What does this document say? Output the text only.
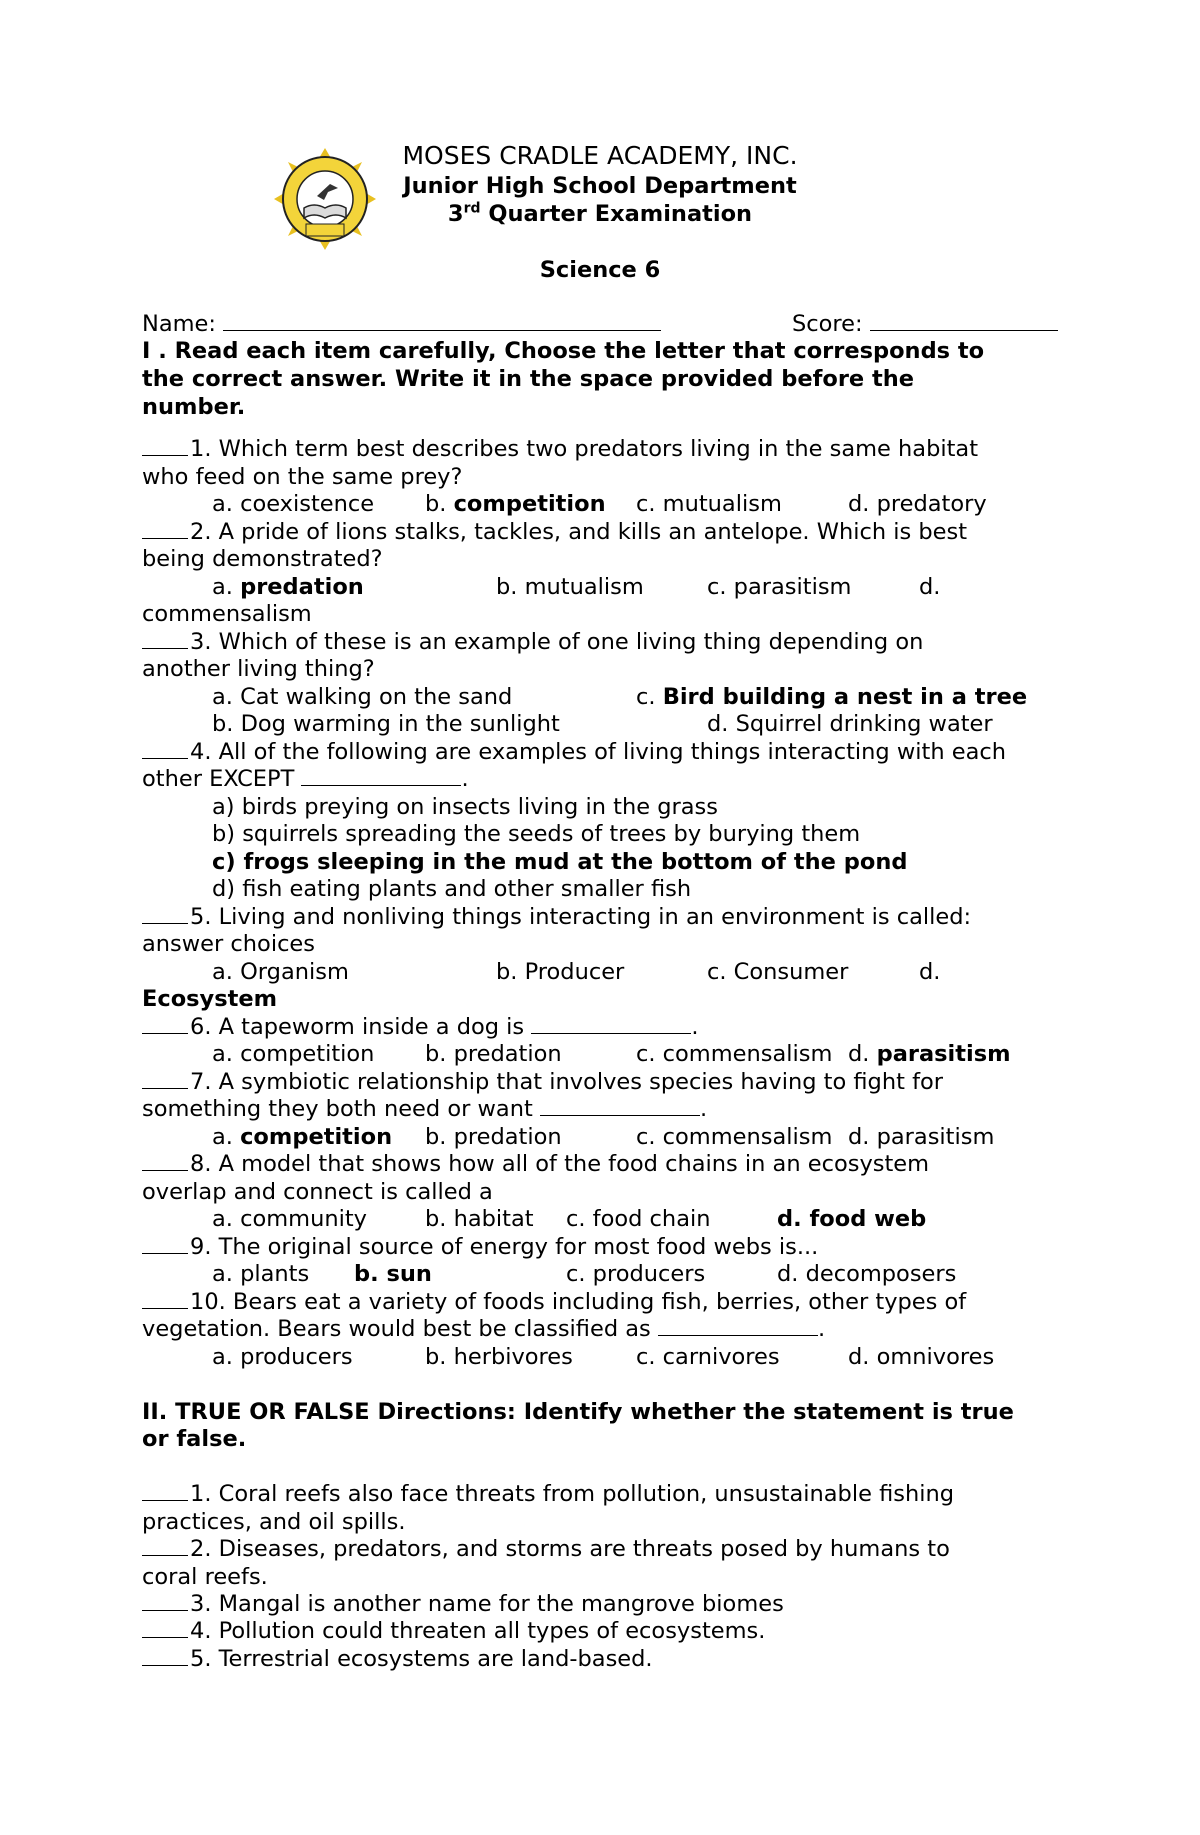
MOSES CRADLE ACADEMY, INC.
Junior High School Department
3rd Quarter Examination
Science 6
Name:	Score:
I . Read each item carefully, Choose the letter that corresponds to
the correct answer. Write it in the space provided before the
number.
1. Which term best describes two predators living in the same habitat
who feed on the same prey?
a. coexistence b. competition c. mutualism	d. predatory
2. A pride of lions stalks, tackles, and kills an antelope. Which is best
being demonstrated?
a. predation	b. mutualism	c. parasitism	d.
commensalism
3. Which of these is an example of one living thing depending on
another living thing?
a. Cat walking on the sand	c. Bird building a nest in a tree
b. Dog warming in the sunlight	d. Squirrel drinking water
4. All of the following are examples of living things interacting with each
other EXCEPT	.
a) birds preying on insects living in the grass
b) squirrels spreading the seeds of trees by burying them
c) frogs sleeping in the mud at the bottom of the pond
d) fish eating plants and other smaller fish
5. Living and nonliving things interacting in an environment is called:
answer choices
a. Organism	b. Producer	c. Consumer	d.
Ecosystem
6. A tapeworm inside a dog is	.
a. competition b. predation	c. commensalism d. parasitism
7. A symbiotic relationship that involves species having to fight for
something they both need or want	.
a. competition b. predation	c. commensalism d. parasitism
8. A model that shows how all of the food chains in an ecosystem
overlap and connect is called a
a. community	b. habitat c. food chain	d. food web
9. The original source of energy for most food webs is...
a. plants b. sun	c. producers	d. decomposers
10. Bears eat a variety of foods including fish, berries, other types of
vegetation. Bears would best be classified as	.
a. producers	b. herbivores	c. carnivores	d. omnivores
II. TRUE OR FALSE Directions: Identify whether the statement is true
or false.
1. Coral reefs also face threats from pollution, unsustainable fishing
practices, and oil spills.
2. Diseases, predators, and storms are threats posed by humans to
coral reefs.
3. Mangal is another name for the mangrove biomes
4. Pollution could threaten all types of ecosystems.
5. Terrestrial ecosystems are land-based.
